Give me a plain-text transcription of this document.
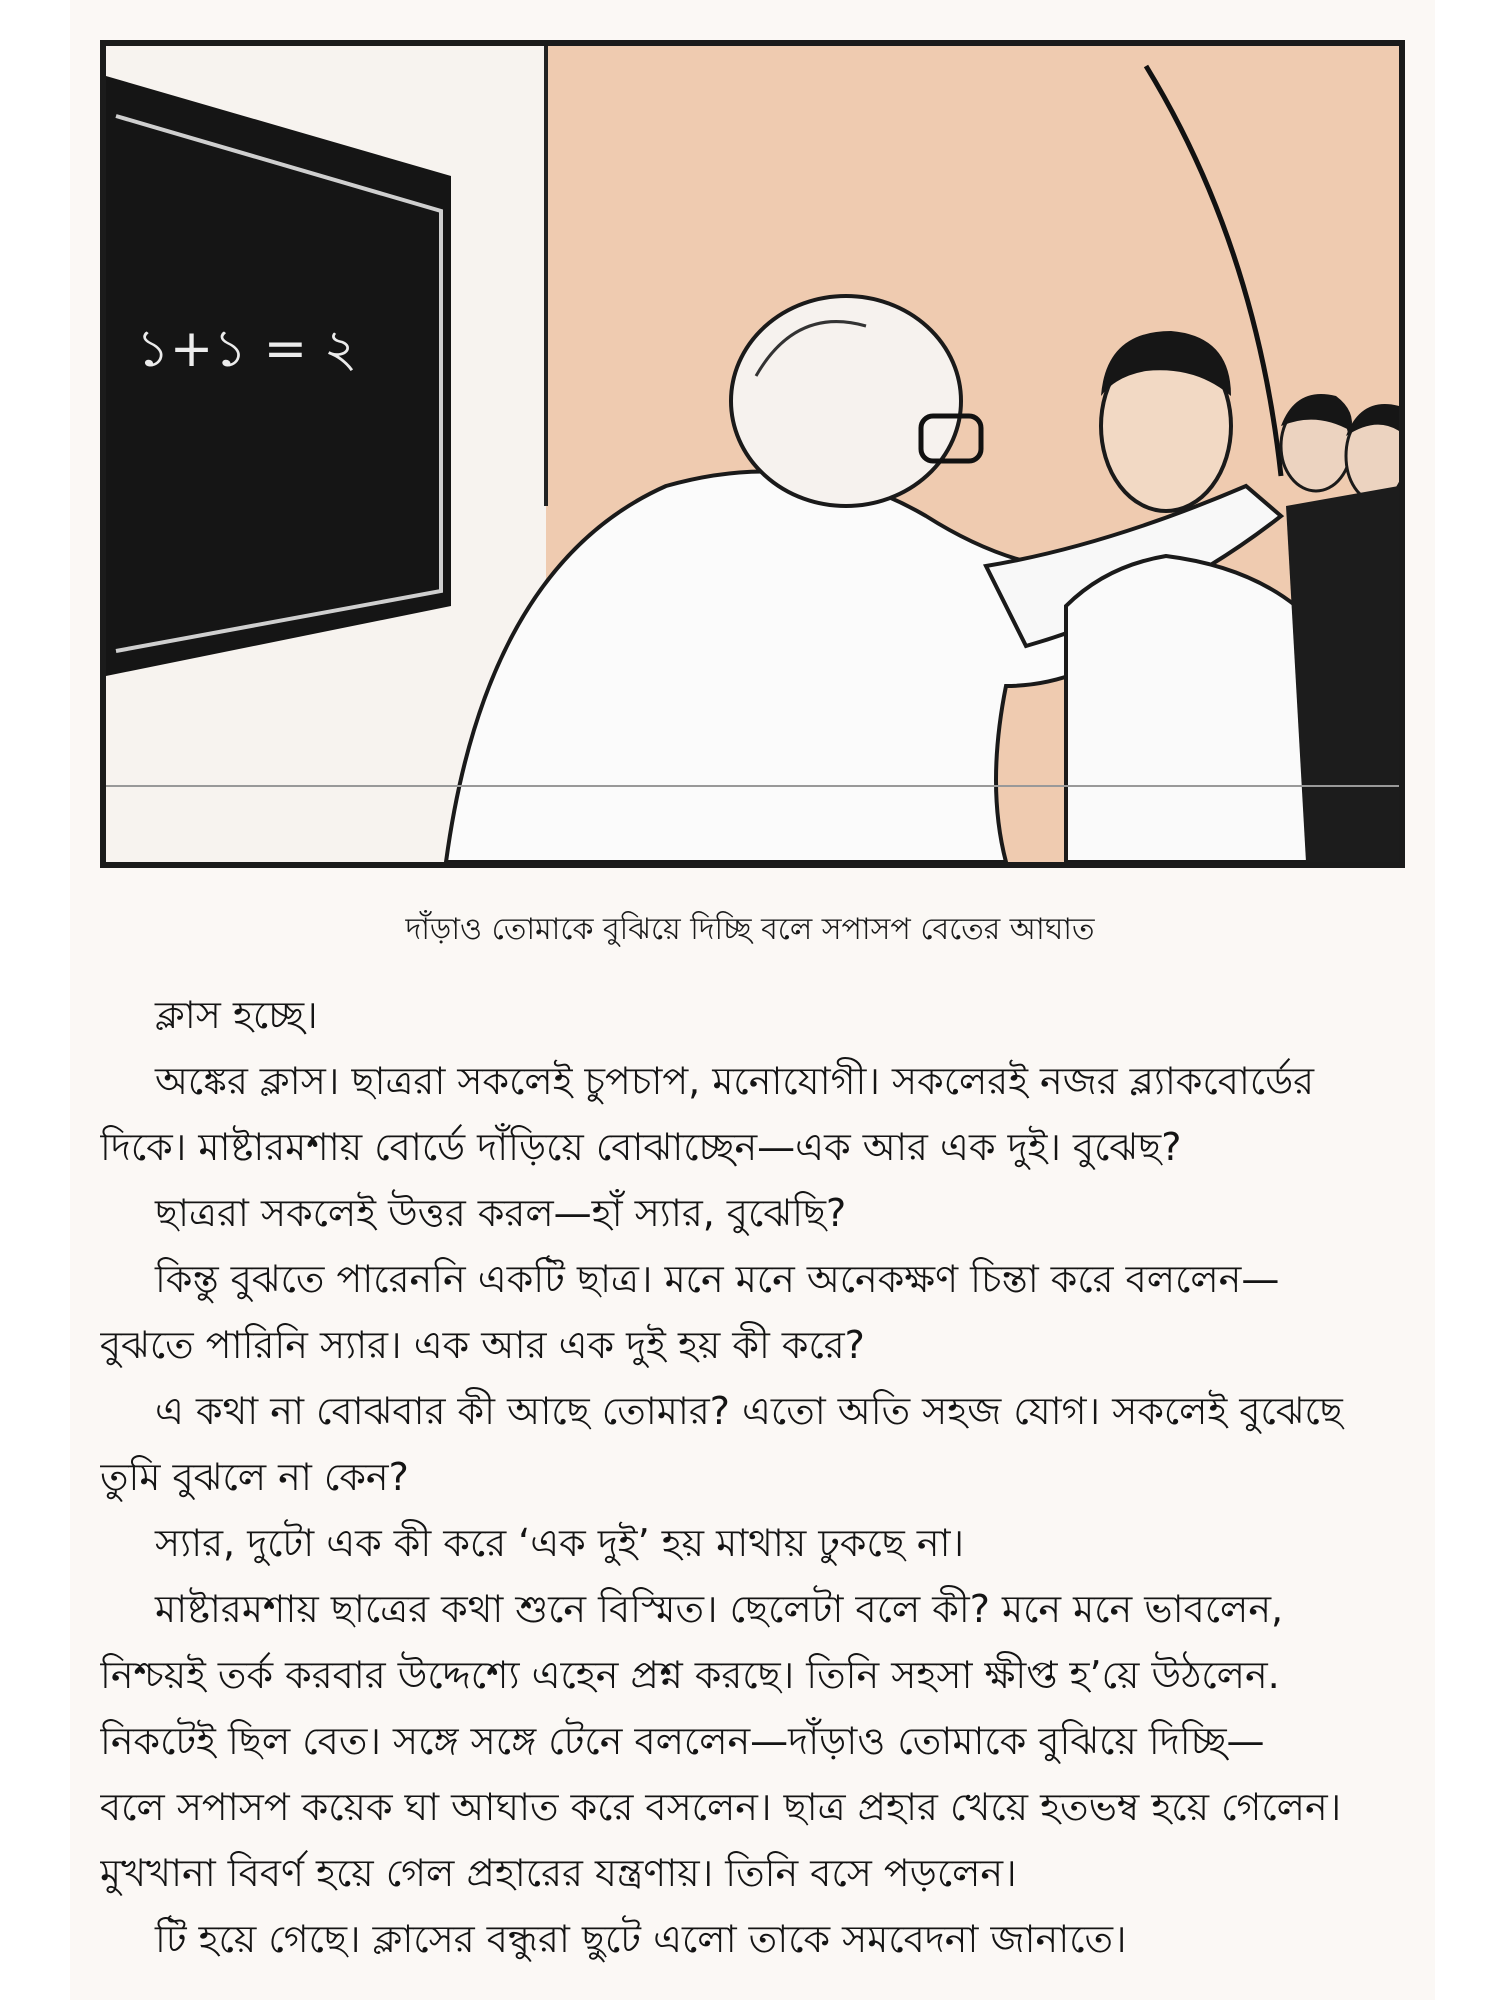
১+১ = ২
দাঁড়াও তোমাকে বুঝিয়ে দিচ্ছি বলে সপাসপ বেতের আঘাত
ক্লাস হচ্ছে।
অঙ্কের ক্লাস। ছাত্ররা সকলেই চুপচাপ, মনোযোগী। সকলেরই নজর ব্ল্যাকবোর্ডের
দিকে। মাষ্টারমশায় বোর্ডে দাঁড়িয়ে বোঝাচ্ছেন—এক আর এক দুই। বুঝেছ?
ছাত্ররা সকলেই উত্তর করল—হাঁ স্যার, বুঝেছি?
কিন্তু বুঝতে পারেননি একটি ছাত্র। মনে মনে অনেকক্ষণ চিন্তা করে বললেন—
বুঝতে পারিনি স্যার। এক আর এক দুই হয় কী করে?
এ কথা না বোঝবার কী আছে তোমার? এতো অতি সহজ যোগ। সকলেই বুঝেছে
তুমি বুঝলে না কেন?
স্যার, দুটো এক কী করে ‘এক দুই’ হয় মাথায় ঢুকছে না।
মাষ্টারমশায় ছাত্রের কথা শুনে বিস্মিত। ছেলেটা বলে কী? মনে মনে ভাবলেন,
নিশ্চয়ই তর্ক করবার উদ্দেশ্যে এহেন প্রশ্ন করছে। তিনি সহসা ক্ষীপ্ত হ’য়ে উঠলেন.
নিকটেই ছিল বেত। সঙ্গে সঙ্গে টেনে বললেন—দাঁড়াও তোমাকে বুঝিয়ে দিচ্ছি—
বলে সপাসপ কয়েক ঘা আঘাত করে বসলেন। ছাত্র প্রহার খেয়ে হতভম্ব হয়ে গেলেন।
মুখখানা বিবর্ণ হয়ে গেল প্রহারের যন্ত্রণায়। তিনি বসে পড়লেন।
টি হয়ে গেছে। ক্লাসের বন্ধুরা ছুটে এলো তাকে সমবেদনা জানাতে।
